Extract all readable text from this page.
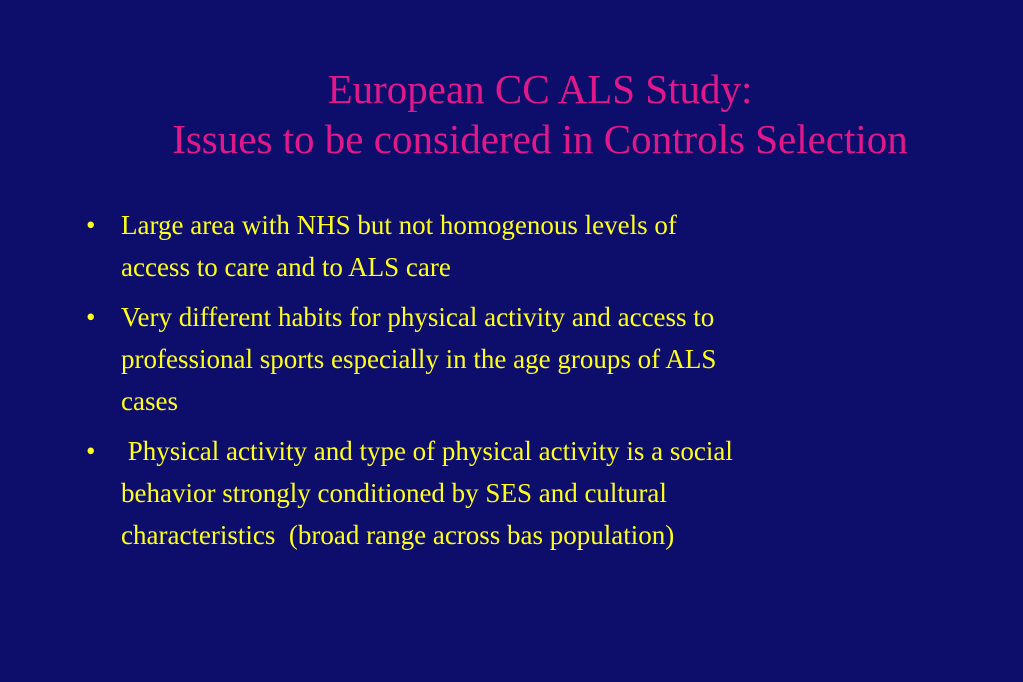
European CC ALS Study:
Issues to be considered in Controls Selection
• Large area with NHS but not homogenous levels of
access to care and to ALS care
• Very different habits for physical activity and access to
professional sports especially in the age groups of ALS
cases
• Physical activity and type of physical activity is a social
behavior strongly conditioned by SES and cultural
characteristics  (broad range across bas population)
